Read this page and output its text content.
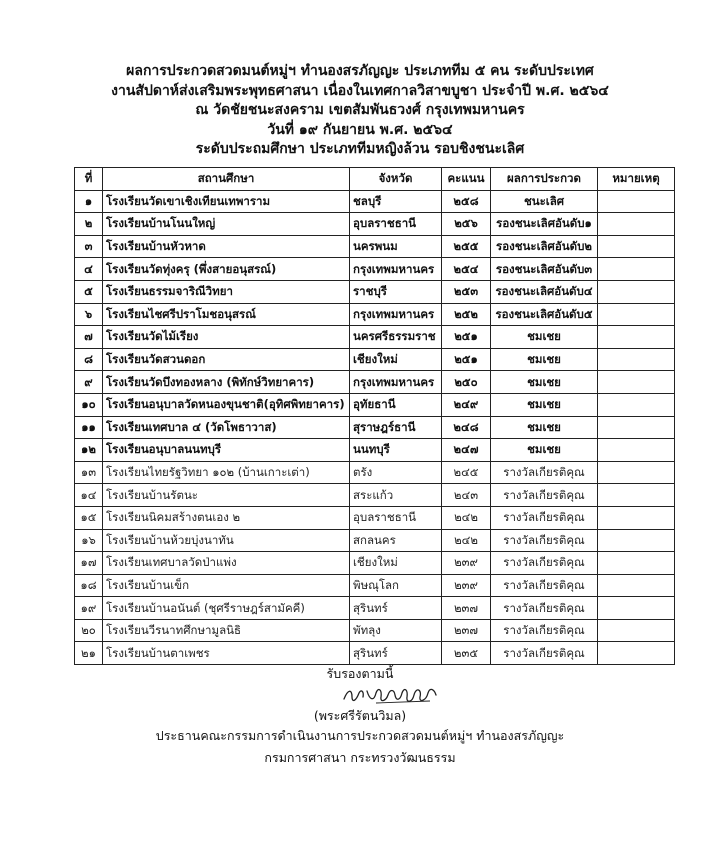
ผลการประกวดสวดมนต์หมู่ฯ ทำนองสรภัญญะ ประเภททีม ๕ คน ระดับประเทศ
งานสัปดาห์ส่งเสริมพระพุทธศาสนา เนื่องในเทศกาลวิสาขบูชา ประจำปี พ.ศ. ๒๕๖๔
ณ วัดชัยชนะสงคราม เขตสัมพันธวงศ์ กรุงเทพมหานคร
วันที่ ๑๙ กันยายน พ.ศ. ๒๕๖๔
ระดับประถมศึกษา ประเภททีมหญิงล้วน รอบชิงชนะเลิศ
ที่	สถานศึกษา	จังหวัด	คะแนน	ผลการประกวด	หมายเหตุ
๑	โรงเรียนวัดเขาเชิงเทียนเทพาราม	ชลบุรี	๒๕๘	ชนะเลิศ	
๒	โรงเรียนบ้านโนนใหญ่	อุบลราชธานี	๒๕๖	รองชนะเลิศอันดับ๑	
๓	โรงเรียนบ้านหัวหาด	นครพนม	๒๕๕	รองชนะเลิศอันดับ๒	
๔	โรงเรียนวัดทุ่งครุ (พึ่งสายอนุสรณ์)	กรุงเทพมหานคร	๒๕๔	รองชนะเลิศอันดับ๓	
๕	โรงเรียนธรรมจาริณีวิทยา	ราชบุรี	๒๕๓	รองชนะเลิศอันดับ๔	
๖	โรงเรียนไชศรีปราโมชอนุสรณ์	กรุงเทพมหานคร	๒๕๒	รองชนะเลิศอันดับ๕	
๗	โรงเรียนวัดไม้เรียง	นครศรีธรรมราช	๒๕๑	ชมเชย	
๘	โรงเรียนวัดสวนดอก	เชียงใหม่	๒๕๑	ชมเชย	
๙	โรงเรียนวัดบึงทองหลาง (พิทักษ์วิทยาคาร)	กรุงเทพมหานคร	๒๕๐	ชมเชย	
๑๐	โรงเรียนอนุบาลวัดหนองขุนชาติ(อุทิศพิทยาคาร)	อุทัยธานี	๒๔๙	ชมเชย	
๑๑	โรงเรียนเทศบาล ๔ (วัดโพธาวาส)	สุราษฎร์ธานี	๒๔๘	ชมเชย	
๑๒	โรงเรียนอนุบาลนนทบุรี	นนทบุรี	๒๔๗	ชมเชย	
๑๓	โรงเรียนไทยรัฐวิทยา ๑๐๒ (บ้านเกาะเต่า)	ตรัง	๒๔๕	รางวัลเกียรติคุณ	
๑๔	โรงเรียนบ้านรัตนะ	สระแก้ว	๒๔๓	รางวัลเกียรติคุณ	
๑๕	โรงเรียนนิคมสร้างตนเอง ๒	อุบลราชธานี	๒๔๒	รางวัลเกียรติคุณ	
๑๖	โรงเรียนบ้านห้วยบุ่งนาทัน	สกลนคร	๒๔๒	รางวัลเกียรติคุณ	
๑๗	โรงเรียนเทศบาลวัดป่าแพ่ง	เชียงใหม่	๒๓๙	รางวัลเกียรติคุณ	
๑๘	โรงเรียนบ้านเข็ก	พิษณุโลก	๒๓๙	รางวัลเกียรติคุณ	
๑๙	โรงเรียนบ้านอนันต์ (ชุศรีราษฎร์สามัคคี)	สุรินทร์	๒๓๗	รางวัลเกียรติคุณ	
๒๐	โรงเรียนวีรนาทศึกษามูลนิธิ	พัทลุง	๒๓๗	รางวัลเกียรติคุณ	
๒๑	โรงเรียนบ้านตาเพชร	สุรินทร์	๒๓๕	รางวัลเกียรติคุณ	
รับรองตามนี้
(พระศรีรัตนวิมล)
ประธานคณะกรรมการดำเนินงานการประกวดสวดมนต์หมู่ฯ ทำนองสรภัญญะ
กรมการศาสนา กระทรวงวัฒนธรรม
